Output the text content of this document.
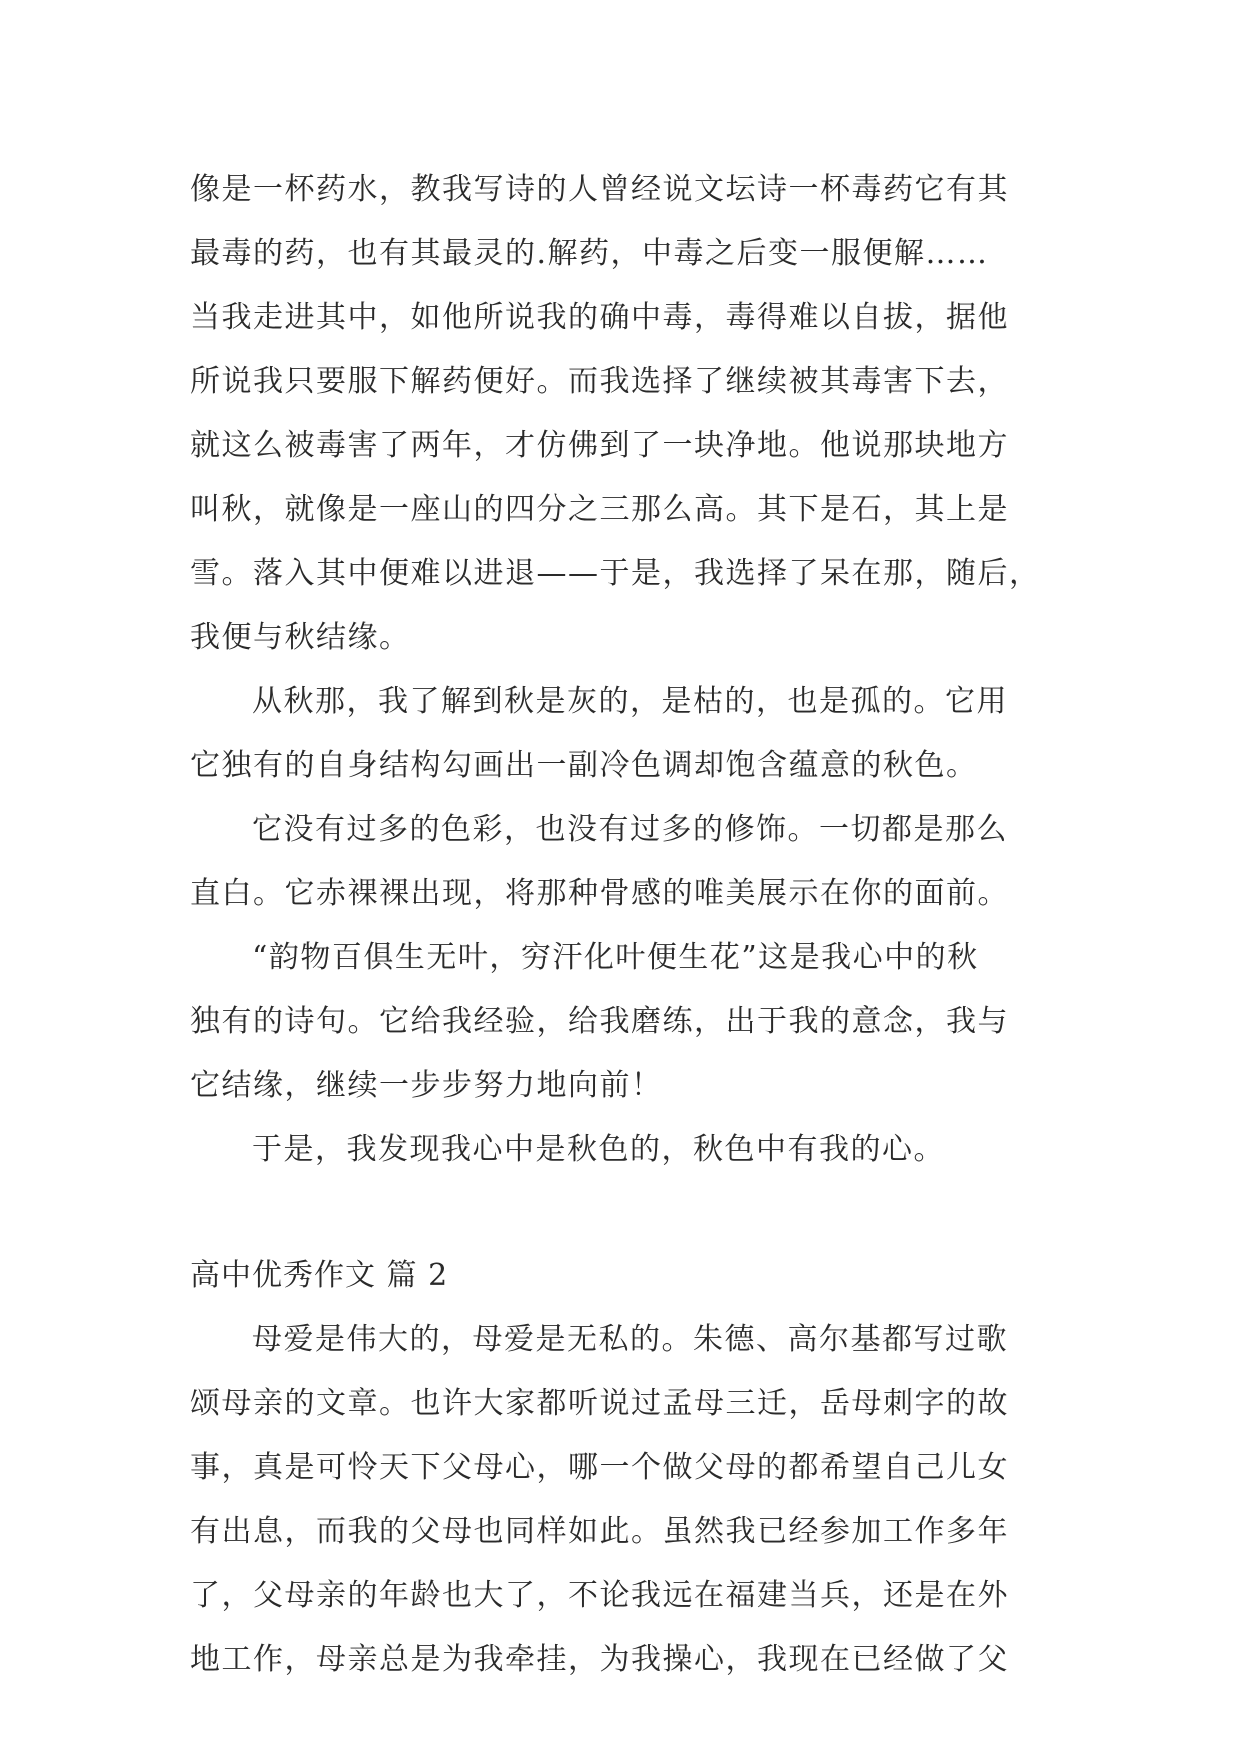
像是一杯药水，教我写诗的人曾经说文坛诗一杯毒药它有其
最毒的药，也有其最灵的.解药，中毒之后变一服便解……
当我走进其中，如他所说我的确中毒，毒得难以自拔，据他
所说我只要服下解药便好。而我选择了继续被其毒害下去，
就这么被毒害了两年，才仿佛到了一块净地。他说那块地方
叫秋，就像是一座山的四分之三那么高。其下是石，其上是
雪。落入其中便难以进退——于是，我选择了呆在那，随后，
我便与秋结缘。
从秋那，我了解到秋是灰的，是枯的，也是孤的。它用
它独有的自身结构勾画出一副冷色调却饱含蕴意的秋色。
它没有过多的色彩，也没有过多的修饰。一切都是那么
直白。它赤裸裸出现，将那种骨感的唯美展示在你的面前。
“韵物百俱生无叶，穷汗化叶便生花”这是我心中的秋
独有的诗句。它给我经验，给我磨练，出于我的意念，我与
它结缘，继续一步步努力地向前！
于是，我发现我心中是秋色的，秋色中有我的心。
高中优秀作文 篇 2
母爱是伟大的，母爱是无私的。朱德、高尔基都写过歌
颂母亲的文章。也许大家都听说过孟母三迁，岳母刺字的故
事，真是可怜天下父母心，哪一个做父母的都希望自己儿女
有出息，而我的父母也同样如此。虽然我已经参加工作多年
了，父母亲的年龄也大了，不论我远在福建当兵，还是在外
地工作，母亲总是为我牵挂，为我操心，我现在已经做了父
